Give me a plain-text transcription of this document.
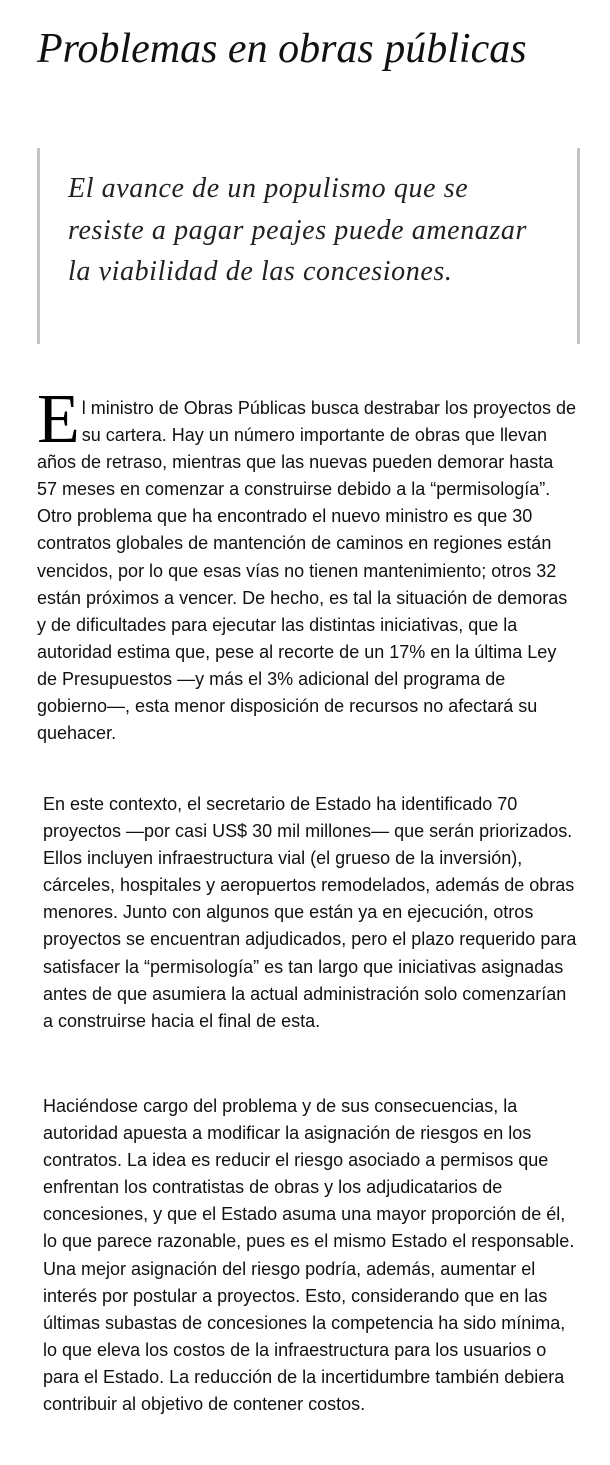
Problemas en obras públicas

El avance de un populismo que se resiste a pagar peajes puede amenazar la viabilidad de las concesiones.

El ministro de Obras Públicas busca destrabar los proyectos de su cartera. Hay un número importante de obras que llevan años de retraso, mientras que las nuevas pueden demorar hasta 57 meses en comenzar a construirse debido a la “permisología”. Otro problema que ha encontrado el nuevo ministro es que 30 contratos globales de mantención de caminos en regiones están vencidos, por lo que esas vías no tienen mantenimiento; otros 32 están próximos a vencer. De hecho, es tal la situación de demoras y de dificultades para ejecutar las distintas iniciativas, que la autoridad estima que, pese al recorte de un 17% en la última Ley de Presupuestos —y más el 3% adicional del programa de gobierno—, esta menor disposición de recursos no afectará su quehacer.

En este contexto, el secretario de Estado ha identificado 70 proyectos —por casi US$ 30 mil millones— que serán priorizados. Ellos incluyen infraestructura vial (el grueso de la inversión), cárceles, hospitales y aeropuertos remodelados, además de obras menores. Junto con algunos que están ya en ejecución, otros proyectos se encuentran adjudicados, pero el plazo requerido para satisfacer la “permisología” es tan largo que iniciativas asignadas antes de que asumiera la actual administración solo comenzarían a construirse hacia el final de esta.

Haciéndose cargo del problema y de sus consecuencias, la autoridad apuesta a modificar la asignación de riesgos en los contratos. La idea es reducir el riesgo asociado a permisos que enfrentan los contratistas de obras y los adjudicatarios de concesiones, y que el Estado asuma una mayor proporción de él, lo que parece razonable, pues es el mismo Estado el responsable. Una mejor asignación del riesgo podría, además, aumentar el interés por postular a proyectos. Esto, considerando que en las últimas subastas de concesiones la competencia ha sido mínima, lo que eleva los costos de la infraestructura para los usuarios o para el Estado. La reducción de la incertidumbre también debiera contribuir al objetivo de contener costos.
